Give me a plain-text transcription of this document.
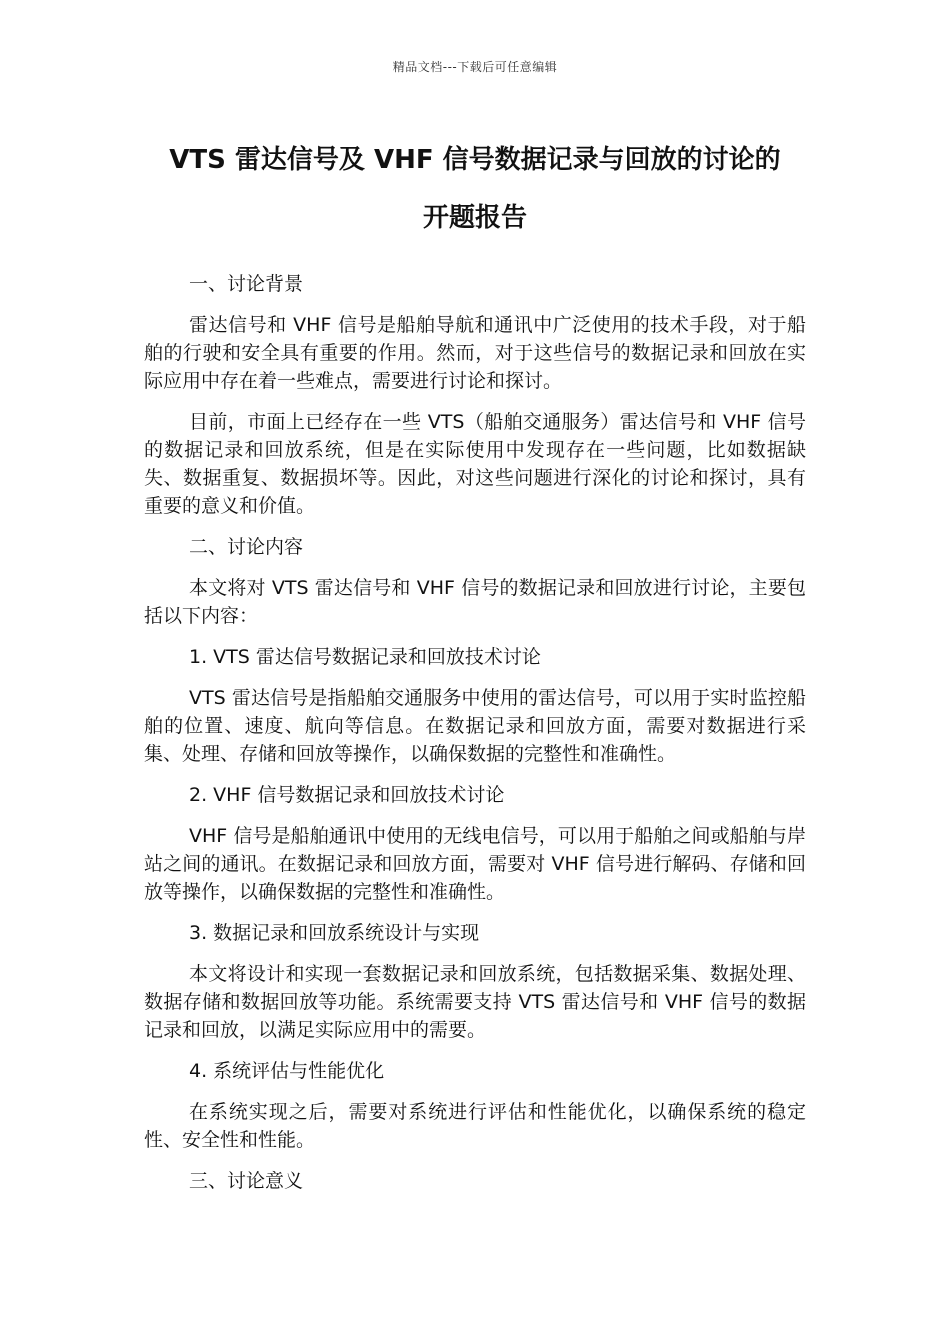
精品文档---下载后可任意编辑
VTS 雷达信号及 VHF 信号数据记录与回放的讨论的
开题报告

一、讨论背景

雷达信号和 VHF 信号是船舶导航和通讯中广泛使用的技术手段，对于船舶的行驶和安全具有重要的作用。然而，对于这些信号的数据记录和回放在实际应用中存在着一些难点，需要进行讨论和探讨。

目前，市面上已经存在一些 VTS（船舶交通服务）雷达信号和 VHF 信号的数据记录和回放系统，但是在实际使用中发现存在一些问题，比如数据缺失、数据重复、数据损坏等。因此，对这些问题进行深化的讨论和探讨，具有重要的意义和价值。

二、讨论内容

本文将对 VTS 雷达信号和 VHF 信号的数据记录和回放进行讨论，主要包括以下内容：

1. VTS 雷达信号数据记录和回放技术讨论

VTS 雷达信号是指船舶交通服务中使用的雷达信号，可以用于实时监控船舶的位置、速度、航向等信息。在数据记录和回放方面，需要对数据进行采集、处理、存储和回放等操作，以确保数据的完整性和准确性。

2. VHF 信号数据记录和回放技术讨论

VHF 信号是船舶通讯中使用的无线电信号，可以用于船舶之间或船舶与岸站之间的通讯。在数据记录和回放方面，需要对 VHF 信号进行解码、存储和回放等操作，以确保数据的完整性和准确性。

3. 数据记录和回放系统设计与实现

本文将设计和实现一套数据记录和回放系统，包括数据采集、数据处理、数据存储和数据回放等功能。系统需要支持 VTS 雷达信号和 VHF 信号的数据记录和回放，以满足实际应用中的需要。

4. 系统评估与性能优化

在系统实现之后，需要对系统进行评估和性能优化，以确保系统的稳定性、安全性和性能。

三、讨论意义
